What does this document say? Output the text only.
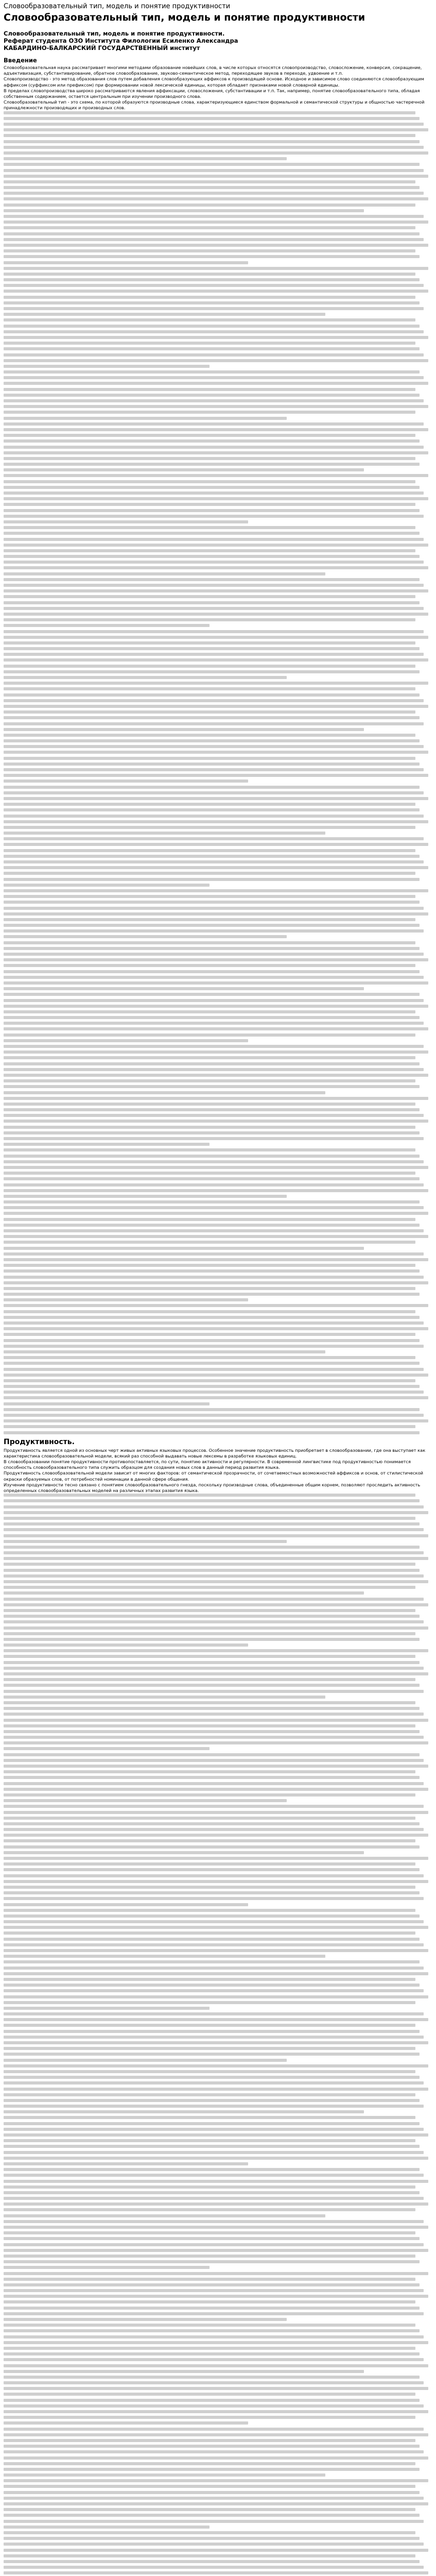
Словообразовательный тип, модель и понятие продуктивности
Словообразовательный тип, модель и понятие продуктивности

Словообразовательный тип, модель и понятие продуктивности.

Реферат студента ОЗО Института Филологии Есиленко Александра

КАБАРДИНО-БАЛКАРСКИЙ ГОСУДАРСТВЕННЫЙ институт

Введение

Словообразовательная наука рассматривает многими методами образование новейших слов, в числе которых относятся словопроизводство, словосложение, конверсия, сокращение, адъективизация, субстантивирование, обратное словообразование, звуково-семантическое метод, переходящее звуков в переходе, удвоение и т.п.

Словопроизводство - это метод образования слов путем добавления словообразующих аффиксов к производящей основе. Исходное и зависимое слово соединяются словообразующим аффиксом (суффиксом или префиксом) при формировании новой лексической единицы, которая обладает признаками новой словарной единицы.

В пределах словопроизводства широко рассматриваются явления аффиксации, словосложения, субстантивации и т.п. Так, например, понятие словообразовательного типа, обладая собственным содержанием, остается центральным при изучении производного слова.

Словообразовательный тип - это схема, по которой образуются производные слова, характеризующиеся единством формальной и семантической структуры и общностью частеречной принадлежности производящих и производных слов.

Продуктивность.

Продуктивность является одной из основных черт живых активных языковых процессов. Особенное значение продуктивность приобретает в словообразовании, где она выступает как характеристика словообразовательной модели, всякий раз способной выдавать новые лексемы в разработке языковых единиц.

В словообразовании понятие продуктивности противопоставляется, по сути, понятию активности и регулярности. В современной лингвистике под продуктивностью понимается способность словообразовательного типа служить образцом для создания новых слов в данный период развития языка.

Продуктивность словообразовательной модели зависит от многих факторов: от семантической прозрачности, от сочетаемостных возможностей аффиксов и основ, от стилистической окраски образуемых слов, от потребностей номинации в данной сфере общения.

Изучение продуктивности тесно связано с понятием словообразовательного гнезда, поскольку производные слова, объединенные общим корнем, позволяют проследить активность определенных словообразовательных моделей на различных этапах развития языка.
